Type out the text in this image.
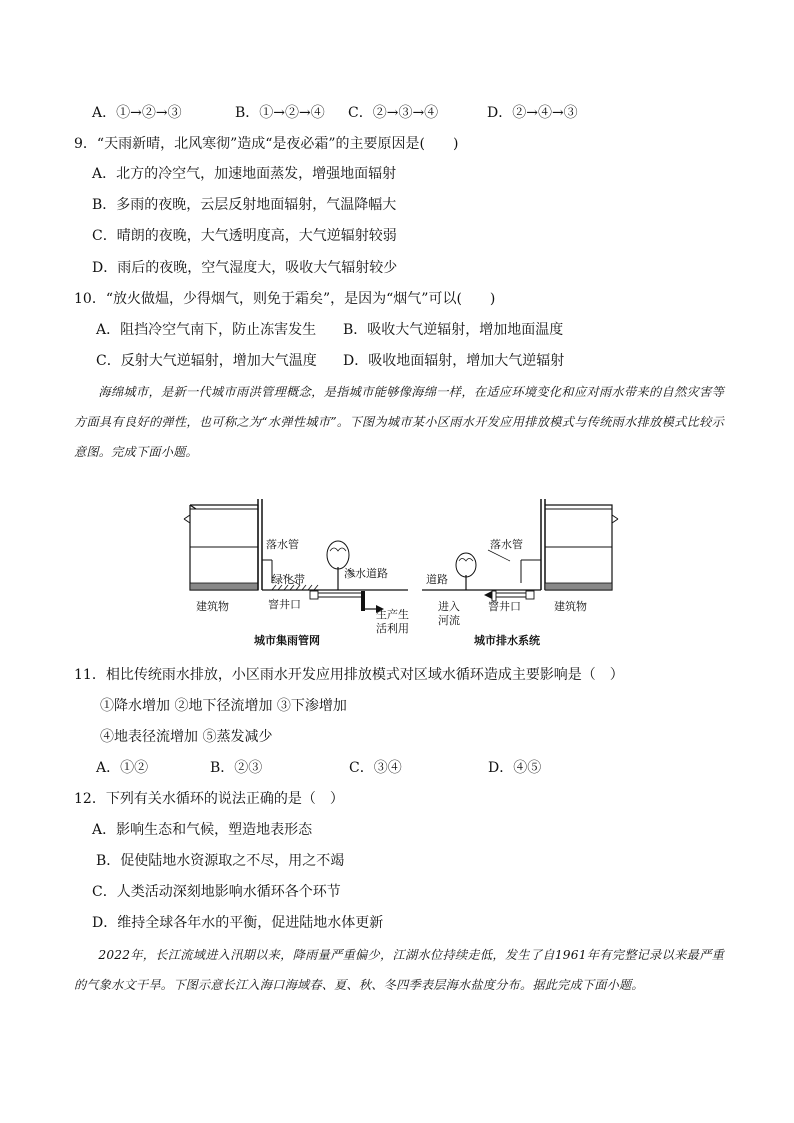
A．①→②→③	B．①→②→④ C．②→③→④	D．②→④→③
9．“天雨新晴，北风寒彻”造成“是夜必霜”的主要原因是(　　)
A．北方的冷空气，加速地面蒸发，增强地面辐射
B．多雨的夜晚，云层反射地面辐射，气温降幅大
C．晴朗的夜晚，大气透明度高，大气逆辐射较弱
D．雨后的夜晚，空气湿度大，吸收大气辐射较少
10．“放火做煴，少得烟气，则免于霜矣”，是因为“烟气”可以(　　)
A．阻挡冷空气南下，防止冻害发生 B．吸收大气逆辐射，增加地面温度
C．反射大气逆辐射，增加大气温度 D．吸收地面辐射，增加大气逆辐射

海绵城市，是新一代城市雨洪管理概念，是指城市能够像海绵一样，在适应环境变化和应对雨水带来的自然灾害等方面具有良好的弹性，也可称之为“水弹性城市”。下图为城市某小区雨水开发应用排放模式与传统雨水排放模式比较示意图。完成下面小题。

落水管
绿化带	渗水道路
窨井口
建筑物
生产生
活利用
城市集雨管网
落水管
道路
进入
河流
窨井口	建筑物
城市排水系统
11．相比传统雨水排放，小区雨水开发应用排放模式对区域水循环造成主要影响是（　）
①降水增加 ②地下径流增加 ③下渗增加
④地表径流增加 ⑤蒸发减少
A．①②	B．②③	C．③④	D．④⑤
12．下列有关水循环的说法正确的是（　）
A．影响生态和气候，塑造地表形态
B．促使陆地水资源取之不尽，用之不竭
C．人类活动深刻地影响水循环各个环节
D．维持全球各年水的平衡，促进陆地水体更新

2022年，长江流域进入汛期以来，降雨量严重偏少，江湖水位持续走低，发生了自1961年有完整记录以来最严重的气象水文干旱。下图示意长江入海口海域春、夏、秋、冬四季表层海水盐度分布。据此完成下面小题。
